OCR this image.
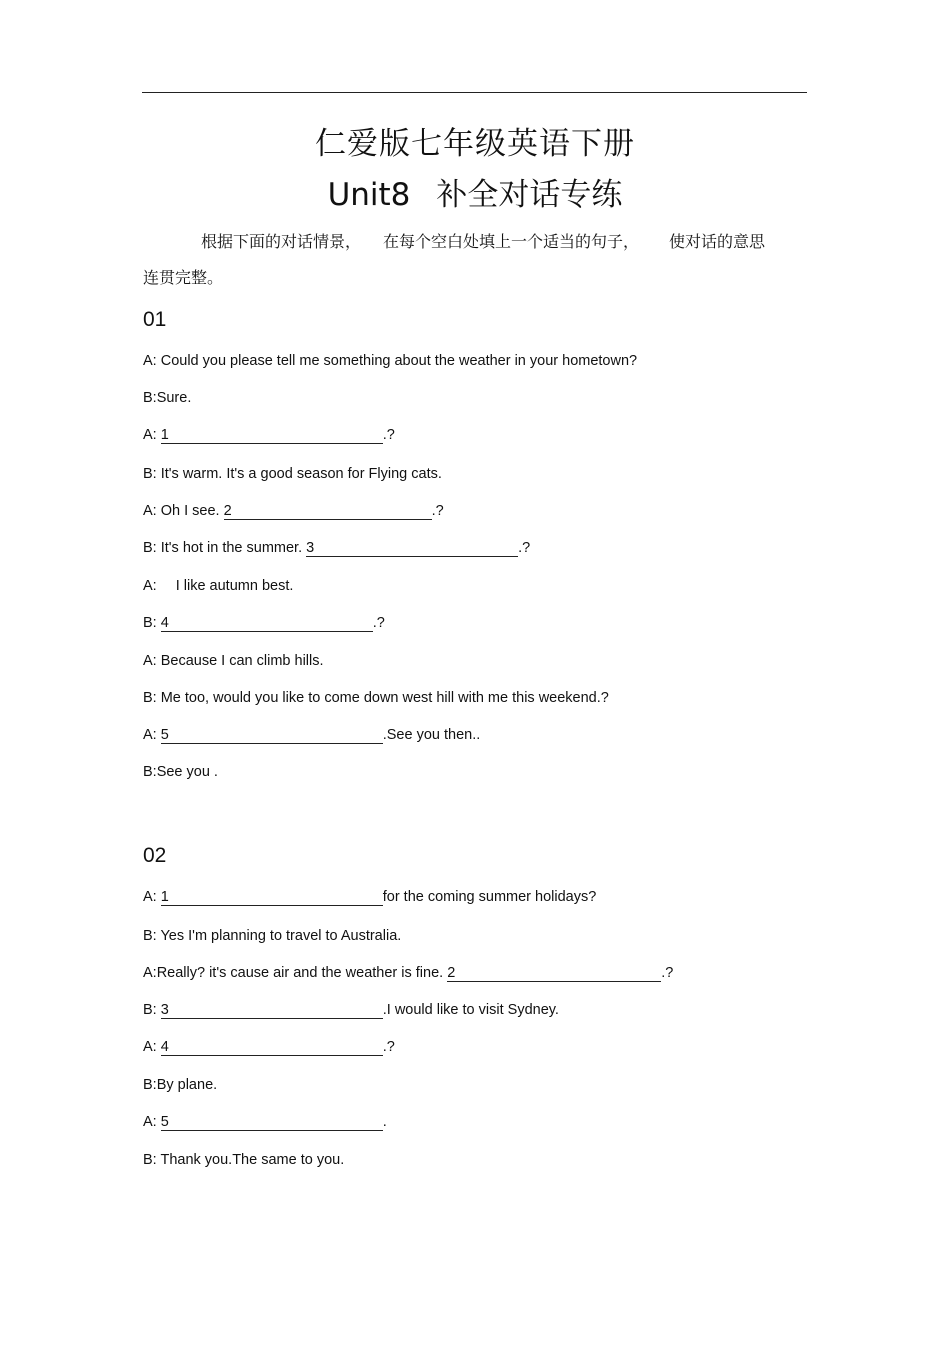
仁爱版七年级英语下册
Unit8 补全对话专练
根据下面的对话情景， 在每个空白处填上一个适当的句子， 使对话的意思
连贯完整。
01
A: Could you please tell me something about the weather in your hometown?
B:Sure.
A: 1	.?
B: It's warm. It's a good season for Flying cats.
A: Oh I see. 2	.?
B: It's hot in the summer. 3	.?
A: I like autumn best.
B: 4	.?
A: Because I can climb hills.
B: Me too, would you like to come down west hill with me this weekend.?
A: 5	.See you then..
B:See you .
02
A: 1	for the coming summer holidays?
B: Yes I'm planning to travel to Australia.
A:Really? it's cause air and the weather is fine. 2	.?
B: 3	.I would like to visit Sydney.
A: 4	.?
B:By plane.
A: 5	.
B: Thank you.The same to you.
